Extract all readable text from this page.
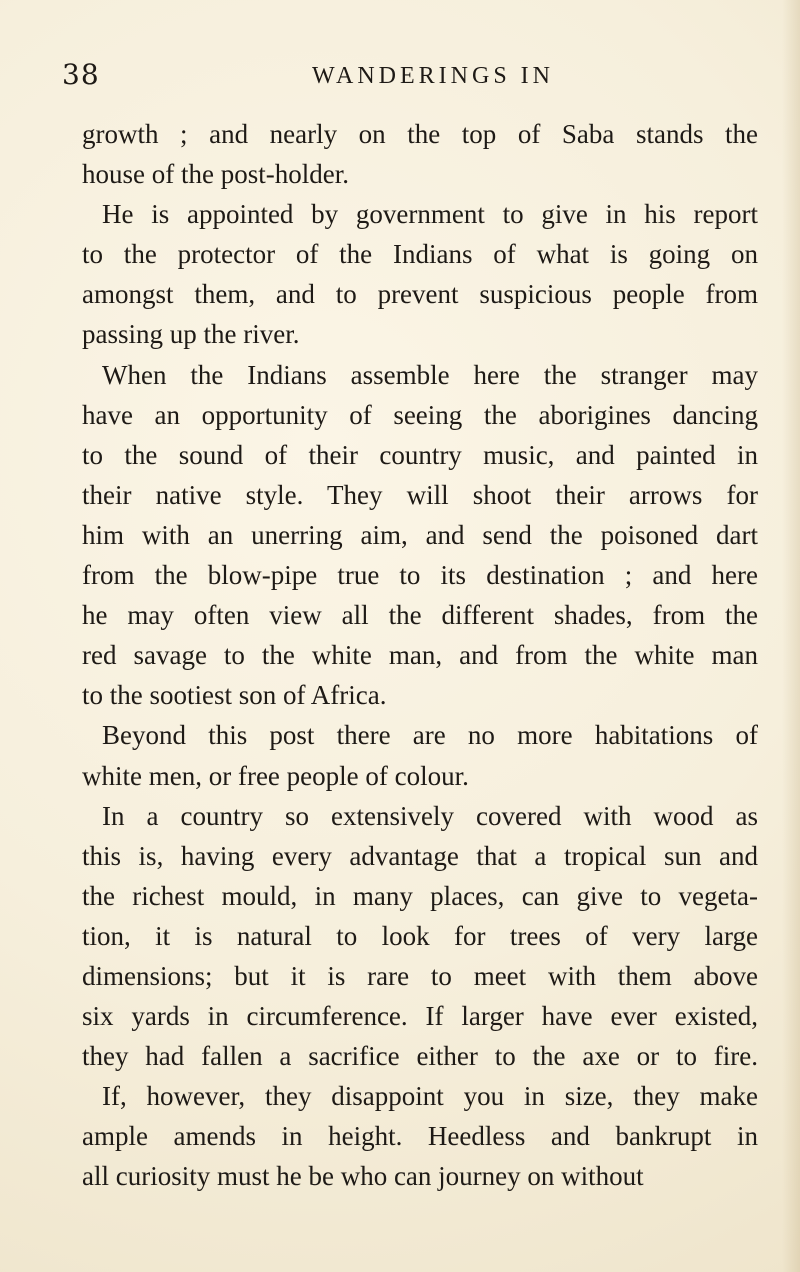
38	WANDERINGS IN

growth ; and nearly on the top of Saba stands the

house of the post-holder.

He is appointed by government to give in his report

to the protector of the Indians of what is going on

amongst them, and to prevent suspicious people from

passing up the river.

When the Indians assemble here the stranger may

have an opportunity of seeing the aborigines dancing

to the sound of their country music, and painted in

their native style. They will shoot their arrows for

him with an unerring aim, and send the poisoned dart

from the blow-pipe true to its destination ; and here

he may often view all the different shades, from the

red savage to the white man, and from the white man

to the sootiest son of Africa.

Beyond this post there are no more habitations of

white men, or free people of colour.

In a country so extensively covered with wood as

this is, having every advantage that a tropical sun and

the richest mould, in many places, can give to vegeta-

tion, it is natural to look for trees of very large

dimensions; but it is rare to meet with them above

six yards in circumference. If larger have ever existed,

they had fallen a sacrifice either to the axe or to fire.

If, however, they disappoint you in size, they make

ample amends in height. Heedless and bankrupt in

all curiosity must he be who can journey on without
